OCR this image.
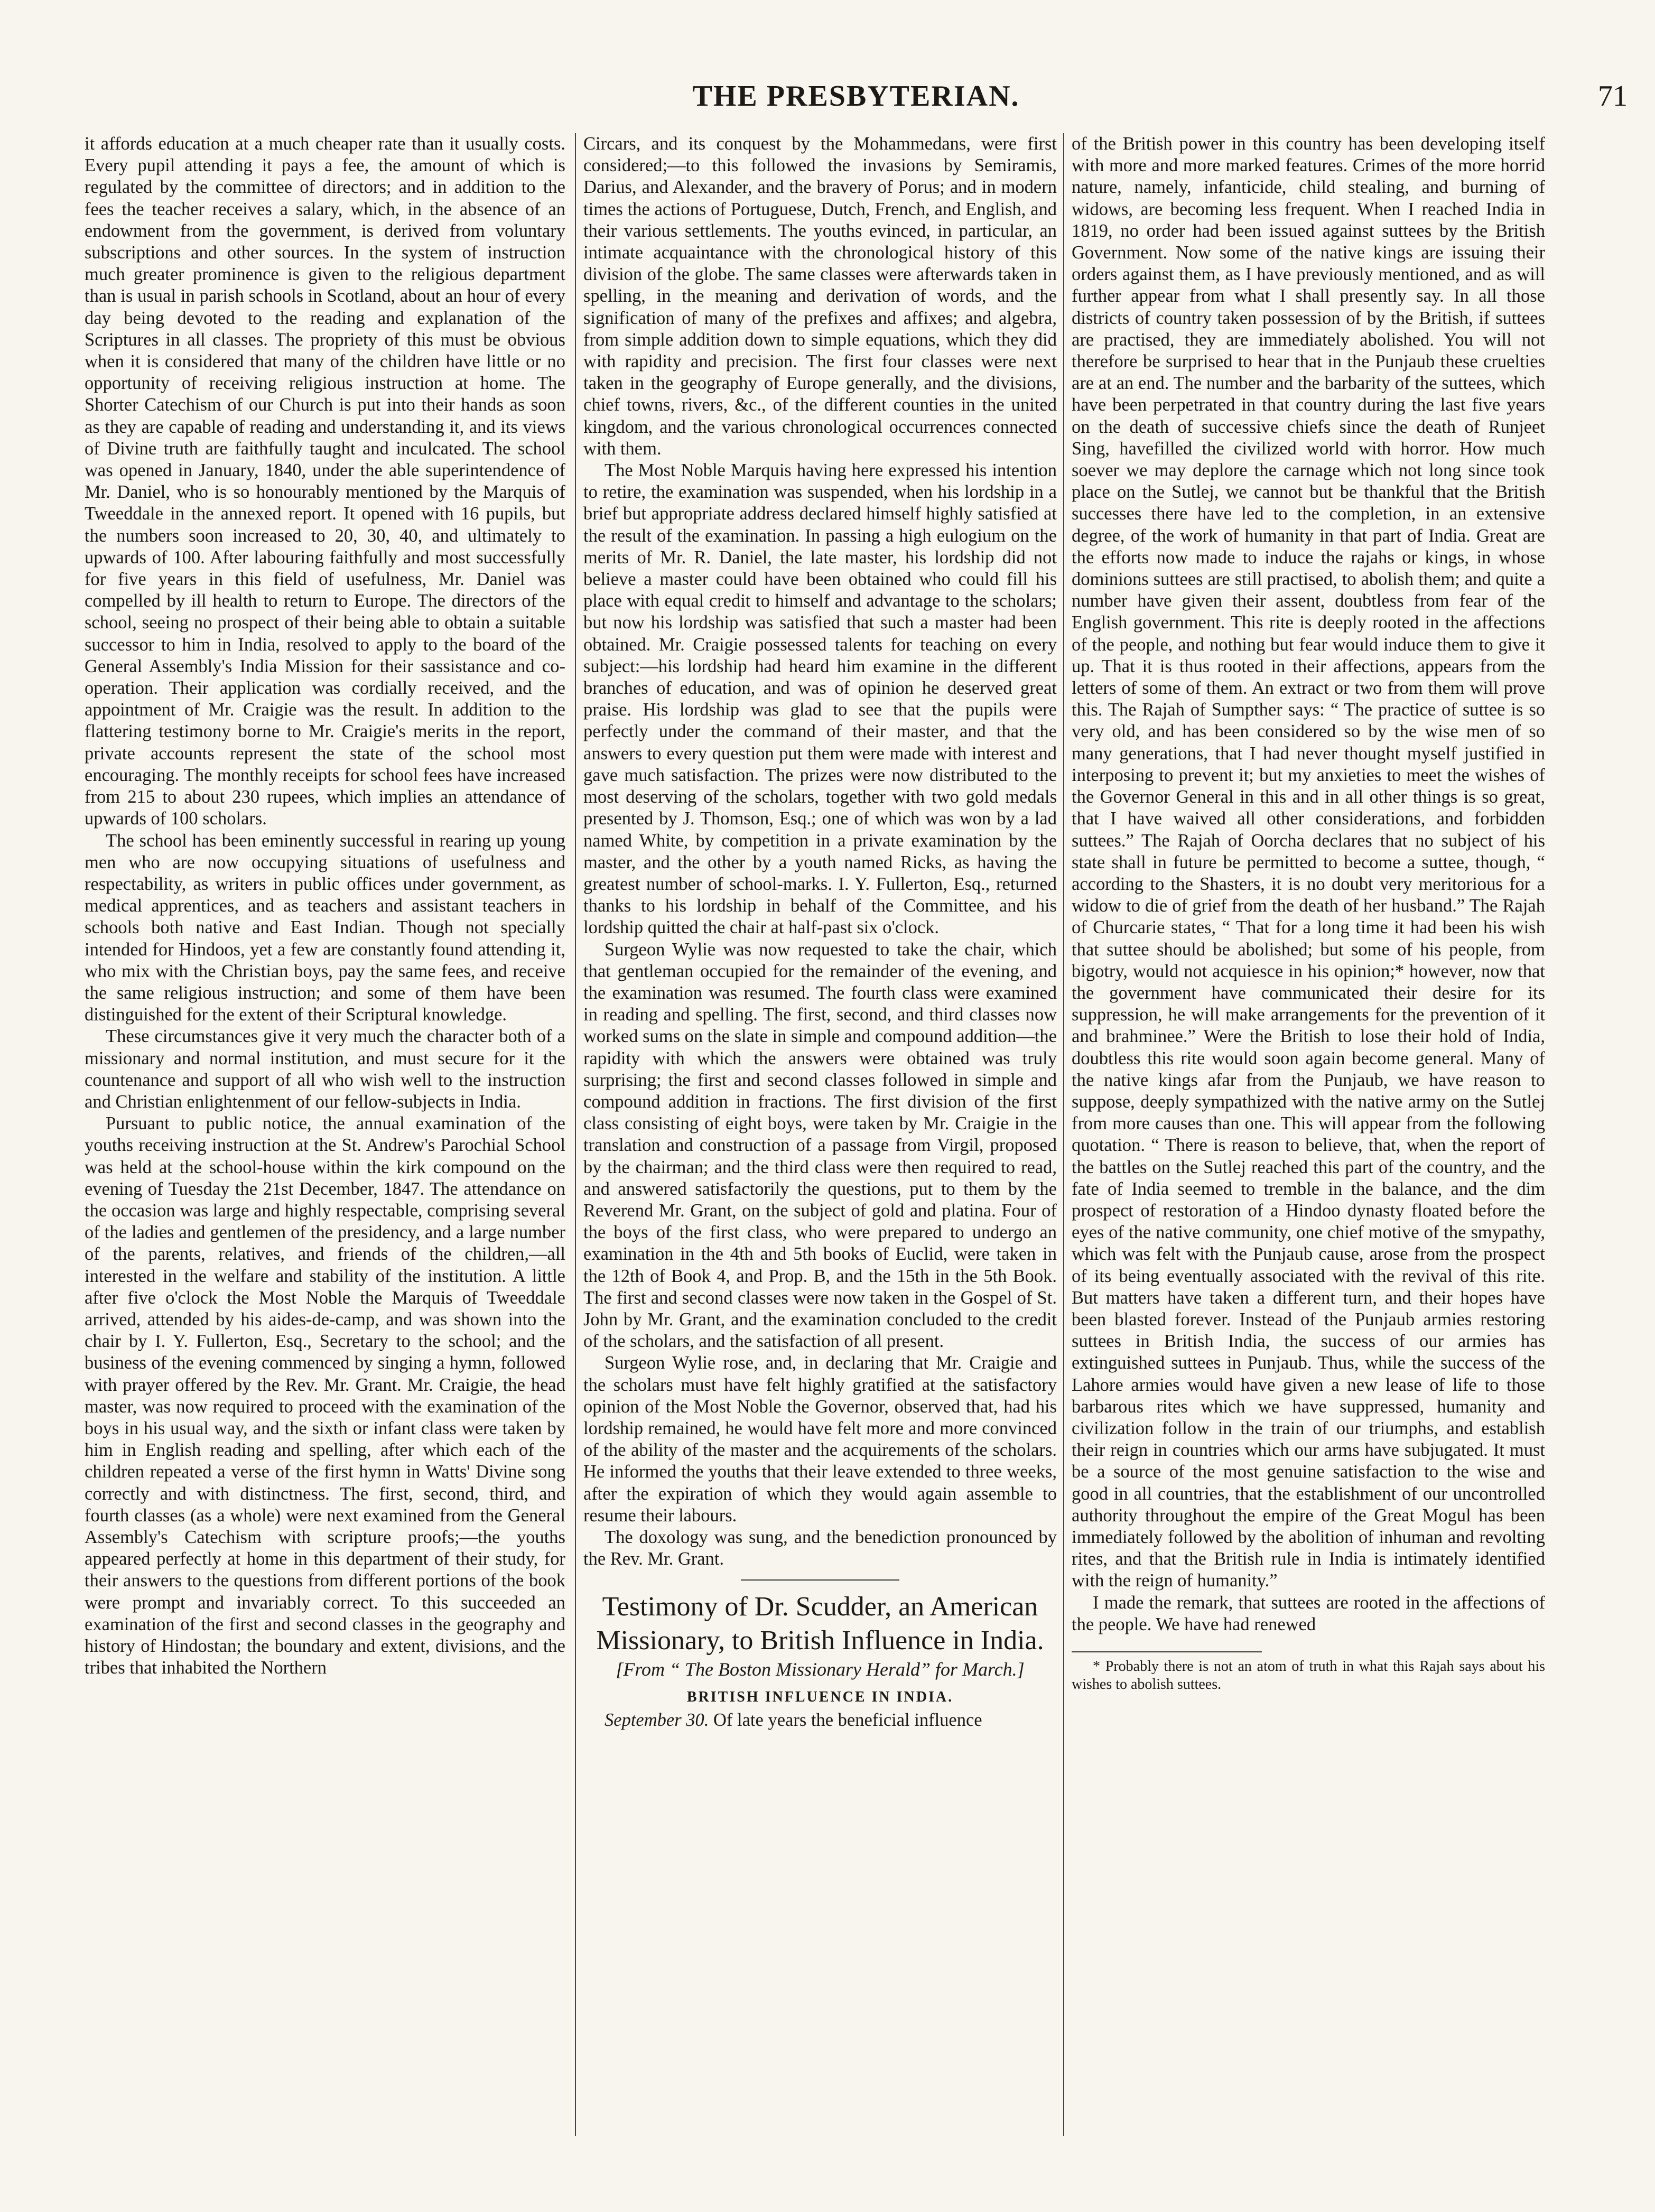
THE PRESBYTERIAN.	71

it affords education at a much cheaper rate than it usually costs. Every pupil attending it pays a fee, the amount of which is regulated by the committee of directors; and in addition to the fees the teacher receives a salary, which, in the absence of an endowment from the government, is derived from voluntary subscriptions and other sources. In the system of instruction much greater prominence is given to the religious department than is usual in parish schools in Scotland, about an hour of every day being devoted to the reading and explanation of the Scriptures in all classes. The propriety of this must be obvious when it is considered that many of the children have little or no opportunity of receiving religious instruction at home. The Shorter Catechism of our Church is put into their hands as soon as they are capable of reading and understanding it, and its views of Divine truth are faithfully taught and inculcated. The school was opened in January, 1840, under the able superintendence of Mr. Daniel, who is so honourably mentioned by the Marquis of Tweeddale in the annexed report. It opened with 16 pupils, but the numbers soon increased to 20, 30, 40, and ultimately to upwards of 100. After labouring faithfully and most successfully for five years in this field of usefulness, Mr. Daniel was compelled by ill health to return to Europe. The directors of the school, seeing no prospect of their being able to obtain a suitable successor to him in India, resolved to apply to the board of the General Assembly's India Mission for their sassistance and co-operation. Their application was cordially received, and the appointment of Mr. Craigie was the result. In addition to the flattering testimony borne to Mr. Craigie's merits in the report, private accounts represent the state of the school most encouraging. The monthly receipts for school fees have increased from 215 to about 230 rupees, which implies an attendance of upwards of 100 scholars.

The school has been eminently successful in rearing up young men who are now occupying situations of usefulness and respectability, as writers in public offices under government, as medical apprentices, and as teachers and assistant teachers in schools both native and East Indian. Though not specially intended for Hindoos, yet a few are constantly found attending it, who mix with the Christian boys, pay the same fees, and receive the same religious instruction; and some of them have been distinguished for the extent of their Scriptural knowledge.

These circumstances give it very much the character both of a missionary and normal institution, and must secure for it the countenance and support of all who wish well to the instruction and Christian enlightenment of our fellow-subjects in India.

Pursuant to public notice, the annual examination of the youths receiving instruction at the St. Andrew's Parochial School was held at the school-house within the kirk compound on the evening of Tuesday the 21st December, 1847. The attendance on the occasion was large and highly respectable, comprising several of the ladies and gentlemen of the presidency, and a large number of the parents, relatives, and friends of the children,—all interested in the welfare and stability of the institution. A little after five o'clock the Most Noble the Marquis of Tweeddale arrived, attended by his aides-de-camp, and was shown into the chair by I. Y. Fullerton, Esq., Secretary to the school; and the business of the evening commenced by singing a hymn, followed with prayer offered by the Rev. Mr. Grant. Mr. Craigie, the head master, was now required to proceed with the examination of the boys in his usual way, and the sixth or infant class were taken by him in English reading and spelling, after which each of the children repeated a verse of the first hymn in Watts' Divine song correctly and with distinctness. The first, second, third, and fourth classes (as a whole) were next examined from the General Assembly's Catechism with scripture proofs;—the youths appeared perfectly at home in this department of their study, for their answers to the questions from different portions of the book were prompt and invariably correct. To this succeeded an examination of the first and second classes in the geography and history of Hindostan; the boundary and extent, divisions, and the tribes that inhabited the Northern

Circars, and its conquest by the Mohammedans, were first considered;—to this followed the invasions by Semiramis, Darius, and Alexander, and the bravery of Porus; and in modern times the actions of Portuguese, Dutch, French, and English, and their various settlements. The youths evinced, in particular, an intimate acquaintance with the chronological history of this division of the globe. The same classes were afterwards taken in spelling, in the meaning and derivation of words, and the signification of many of the prefixes and affixes; and algebra, from simple addition down to simple equations, which they did with rapidity and precision. The first four classes were next taken in the geography of Europe generally, and the divisions, chief towns, rivers, &c., of the different counties in the united kingdom, and the various chronological occurrences connected with them.

The Most Noble Marquis having here expressed his intention to retire, the examination was suspended, when his lordship in a brief but appropriate address declared himself highly satisfied at the result of the examination. In passing a high eulogium on the merits of Mr. R. Daniel, the late master, his lordship did not believe a master could have been obtained who could fill his place with equal credit to himself and advantage to the scholars; but now his lordship was satisfied that such a master had been obtained. Mr. Craigie possessed talents for teaching on every subject:—his lordship had heard him examine in the different branches of education, and was of opinion he deserved great praise. His lordship was glad to see that the pupils were perfectly under the command of their master, and that the answers to every question put them were made with interest and gave much satisfaction. The prizes were now distributed to the most deserving of the scholars, together with two gold medals presented by J. Thomson, Esq.; one of which was won by a lad named White, by competition in a private examination by the master, and the other by a youth named Ricks, as having the greatest number of school-marks. I. Y. Fullerton, Esq., returned thanks to his lordship in behalf of the Committee, and his lordship quitted the chair at half-past six o'clock.

Surgeon Wylie was now requested to take the chair, which that gentleman occupied for the remainder of the evening, and the examination was resumed. The fourth class were examined in reading and spelling. The first, second, and third classes now worked sums on the slate in simple and compound addition—the rapidity with which the answers were obtained was truly surprising; the first and second classes followed in simple and compound addition in fractions. The first division of the first class consisting of eight boys, were taken by Mr. Craigie in the translation and construction of a passage from Virgil, proposed by the chairman; and the third class were then required to read, and answered satisfactorily the questions, put to them by the Reverend Mr. Grant, on the subject of gold and platina. Four of the boys of the first class, who were prepared to undergo an examination in the 4th and 5th books of Euclid, were taken in the 12th of Book 4, and Prop. B, and the 15th in the 5th Book. The first and second classes were now taken in the Gospel of St. John by Mr. Grant, and the examination concluded to the credit of the scholars, and the satisfaction of all present.

Surgeon Wylie rose, and, in declaring that Mr. Craigie and the scholars must have felt highly gratified at the satisfactory opinion of the Most Noble the Governor, observed that, had his lordship remained, he would have felt more and more convinced of the ability of the master and the acquirements of the scholars. He informed the youths that their leave extended to three weeks, after the expiration of which they would again assemble to resume their labours.

The doxology was sung, and the benediction pronounced by the Rev. Mr. Grant.

Testimony of Dr. Scudder, an American Missionary, to British Influence in India.

[From “ The Boston Missionary Herald” for March.]
BRITISH INFLUENCE IN INDIA.

September 30. Of late years the beneficial influence

of the British power in this country has been developing itself with more and more marked features. Crimes of the more horrid nature, namely, infanticide, child stealing, and burning of widows, are becoming less frequent. When I reached India in 1819, no order had been issued against suttees by the British Government. Now some of the native kings are issuing their orders against them, as I have previously mentioned, and as will further appear from what I shall presently say. In all those districts of country taken possession of by the British, if suttees are practised, they are immediately abolished. You will not therefore be surprised to hear that in the Punjaub these cruelties are at an end. The number and the barbarity of the suttees, which have been perpetrated in that country during the last five years on the death of successive chiefs since the death of Runjeet Sing, havefilled the civilized world with horror. How much soever we may deplore the carnage which not long since took place on the Sutlej, we cannot but be thankful that the British successes there have led to the completion, in an extensive degree, of the work of humanity in that part of India. Great are the efforts now made to induce the rajahs or kings, in whose dominions suttees are still practised, to abolish them; and quite a number have given their assent, doubtless from fear of the English government. This rite is deeply rooted in the affections of the people, and nothing but fear would induce them to give it up. That it is thus rooted in their affections, appears from the letters of some of them. An extract or two from them will prove this. The Rajah of Sumpther says: “ The practice of suttee is so very old, and has been considered so by the wise men of so many generations, that I had never thought myself justified in interposing to prevent it; but my anxieties to meet the wishes of the Governor General in this and in all other things is so great, that I have waived all other considerations, and forbidden suttees.” The Rajah of Oorcha declares that no subject of his state shall in future be permitted to become a suttee, though, “ according to the Shasters, it is no doubt very meritorious for a widow to die of grief from the death of her husband.” The Rajah of Churcarie states, “ That for a long time it had been his wish that suttee should be abolished; but some of his people, from bigotry, would not acquiesce in his opinion;* however, now that the government have communicated their desire for its suppression, he will make arrangements for the prevention of it and brahminee.” Were the British to lose their hold of India, doubtless this rite would soon again become general. Many of the native kings afar from the Punjaub, we have reason to suppose, deeply sympathized with the native army on the Sutlej from more causes than one. This will appear from the following quotation. “ There is reason to believe, that, when the report of the battles on the Sutlej reached this part of the country, and the fate of India seemed to tremble in the balance, and the dim prospect of restoration of a Hindoo dynasty floated before the eyes of the native community, one chief motive of the smypathy, which was felt with the Punjaub cause, arose from the prospect of its being eventually associated with the revival of this rite. But matters have taken a different turn, and their hopes have been blasted forever. Instead of the Punjaub armies restoring suttees in British India, the success of our armies has extinguished suttees in Punjaub. Thus, while the success of the Lahore armies would have given a new lease of life to those barbarous rites which we have suppressed, humanity and civilization follow in the train of our triumphs, and establish their reign in countries which our arms have subjugated. It must be a source of the most genuine satisfaction to the wise and good in all countries, that the establishment of our uncontrolled authority throughout the empire of the Great Mogul has been immediately followed by the abolition of inhuman and revolting rites, and that the British rule in India is intimately identified with the reign of humanity.”

I made the remark, that suttees are rooted in the affections of the people. We have had renewed

* Probably there is not an atom of truth in what this Rajah says about his wishes to abolish suttees.
